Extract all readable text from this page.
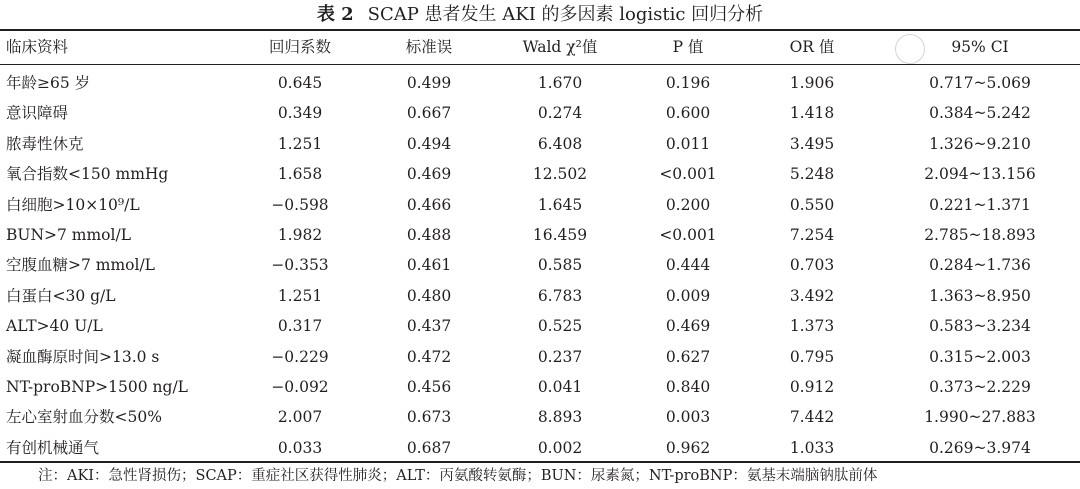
表 2 SCAP 患者发生 AKI 的多因素 logistic 回归分析
临床资料	回归系数	标准误	Wald χ²值	P 值	OR 值	95% CI
年龄≥65 岁	0.645	0.499	1.670	0.196	1.906	0.717~5.069
意识障碍	0.349	0.667	0.274	0.600	1.418	0.384~5.242
脓毒性休克	1.251	0.494	6.408	0.011	3.495	1.326~9.210
氧合指数<150 mmHg	1.658	0.469	12.502	<0.001	5.248	2.094~13.156
白细胞>10×10⁹/L	−0.598	0.466	1.645	0.200	0.550	0.221~1.371
BUN>7 mmol/L	1.982	0.488	16.459	<0.001	7.254	2.785~18.893
空腹血糖>7 mmol/L	−0.353	0.461	0.585	0.444	0.703	0.284~1.736
白蛋白<30 g/L	1.251	0.480	6.783	0.009	3.492	1.363~8.950
ALT>40 U/L	0.317	0.437	0.525	0.469	1.373	0.583~3.234
凝血酶原时间>13.0 s	−0.229	0.472	0.237	0.627	0.795	0.315~2.003
NT-proBNP>1500 ng/L	−0.092	0.456	0.041	0.840	0.912	0.373~2.229
左心室射血分数<50%	2.007	0.673	8.893	0.003	7.442	1.990~27.883
有创机械通气	0.033	0.687	0.002	0.962	1.033	0.269~3.974
注：AKI：急性肾损伤；SCAP：重症社区获得性肺炎；ALT：丙氨酸转氨酶；BUN：尿素氮；NT-proBNP：氨基末端脑钠肽前体
